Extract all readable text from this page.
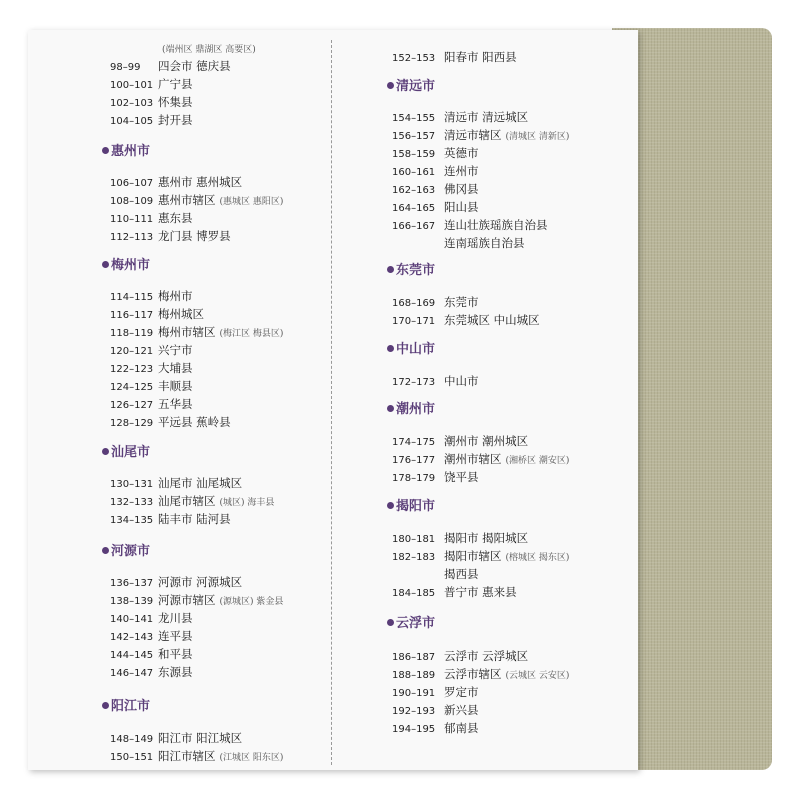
惠州市
梅州市
汕尾市
河源市
阳江市
(端州区 鼎湖区 高要区)
98–99 四会市 德庆县
100–101 广宁县
102–103 怀集县
104–105 封开县
106–107 惠州市 惠州城区
108–109 惠州市辖区 (惠城区 惠阳区)
110–111 惠东县
112–113 龙门县 博罗县
114–115 梅州市
116–117 梅州城区
118–119 梅州市辖区 (梅江区 梅县区)
120–121 兴宁市
122–123 大埔县
124–125 丰顺县
126–127 五华县
128–129 平远县 蕉岭县
130–131 汕尾市 汕尾城区
132–133 汕尾市辖区 (城区) 海丰县
134–135 陆丰市 陆河县
136–137 河源市 河源城区
138–139 河源市辖区 (源城区) 紫金县
140–141 龙川县
142–143 连平县
144–145 和平县
146–147 东源县
148–149 阳江市 阳江城区
150–151 阳江市辖区 (江城区 阳东区)
清远市
东莞市
中山市
潮州市
揭阳市
云浮市
152–153 阳春市 阳西县
154–155 清远市 清远城区
156–157 清远市辖区 (清城区 清新区)
158–159 英德市
160–161 连州市
162–163 佛冈县
164–165 阳山县
166–167 连山壮族瑶族自治县
连南瑶族自治县
168–169 东莞市
170–171 东莞城区 中山城区
172–173 中山市
174–175 潮州市 潮州城区
176–177 潮州市辖区 (湘桥区 潮安区)
178–179 饶平县
180–181 揭阳市 揭阳城区
182–183 揭阳市辖区 (榕城区 揭东区)
揭西县
184–185 普宁市 惠来县
186–187 云浮市 云浮城区
188–189 云浮市辖区 (云城区 云安区)
190–191 罗定市
192–193 新兴县
194–195 郁南县
